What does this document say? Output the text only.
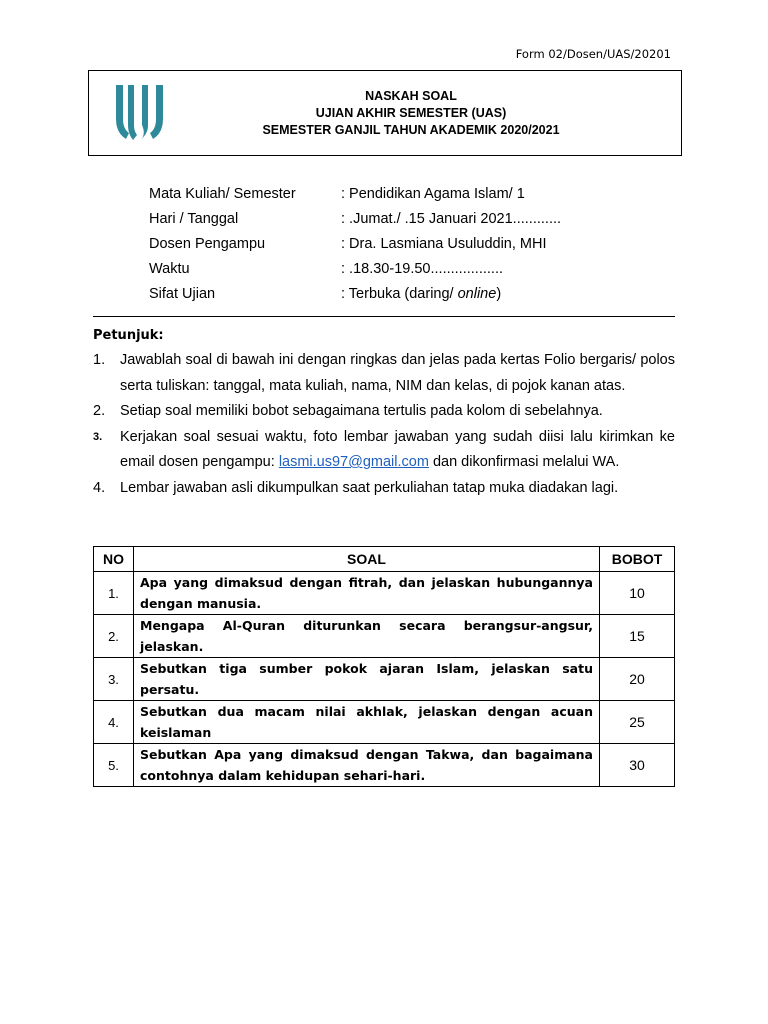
Form 02/Dosen/UAS/20201
NASKAH SOAL
UJIAN AKHIR SEMESTER (UAS)
SEMESTER GANJIL TAHUN AKADEMIK 2020/2021
Mata Kuliah/ Semester	: Pendidikan Agama Islam/ 1
Hari / Tanggal	: .Jumat./ .15 Januari 2021............
Dosen Pengampu	: Dra. Lasmiana Usuluddin, MHI
Waktu	: .18.30-19.50..................
Sifat Ujian	: Terbuka (daring/ online)
Petunjuk:
1.	Jawablah soal di bawah ini dengan ringkas dan jelas pada kertas Folio bergaris/ polos serta tuliskan: tanggal, mata kuliah, nama, NIM dan kelas, di pojok kanan atas.
2.	Setiap soal memiliki bobot sebagaimana tertulis pada kolom di sebelahnya.
3.	Kerjakan soal sesuai waktu, foto lembar jawaban yang sudah diisi lalu kirimkan ke email dosen pengampu: lasmi.us97@gmail.com dan dikonfirmasi melalui WA.
4.	Lembar jawaban asli dikumpulkan saat perkuliahan tatap muka diadakan lagi.
NO	SOAL	BOBOT
1.	Apa yang dimaksud dengan fitrah, dan jelaskan hubungannya dengan manusia.	10
2.	Mengapa Al-Quran diturunkan secara berangsur-angsur, jelaskan.	15
3.	Sebutkan tiga sumber pokok ajaran Islam, jelaskan satu persatu.	20
4.	Sebutkan dua macam nilai akhlak, jelaskan dengan acuan keislaman	25
5.	Sebutkan Apa yang dimaksud dengan Takwa, dan bagaimana contohnya dalam kehidupan sehari-hari.	30
